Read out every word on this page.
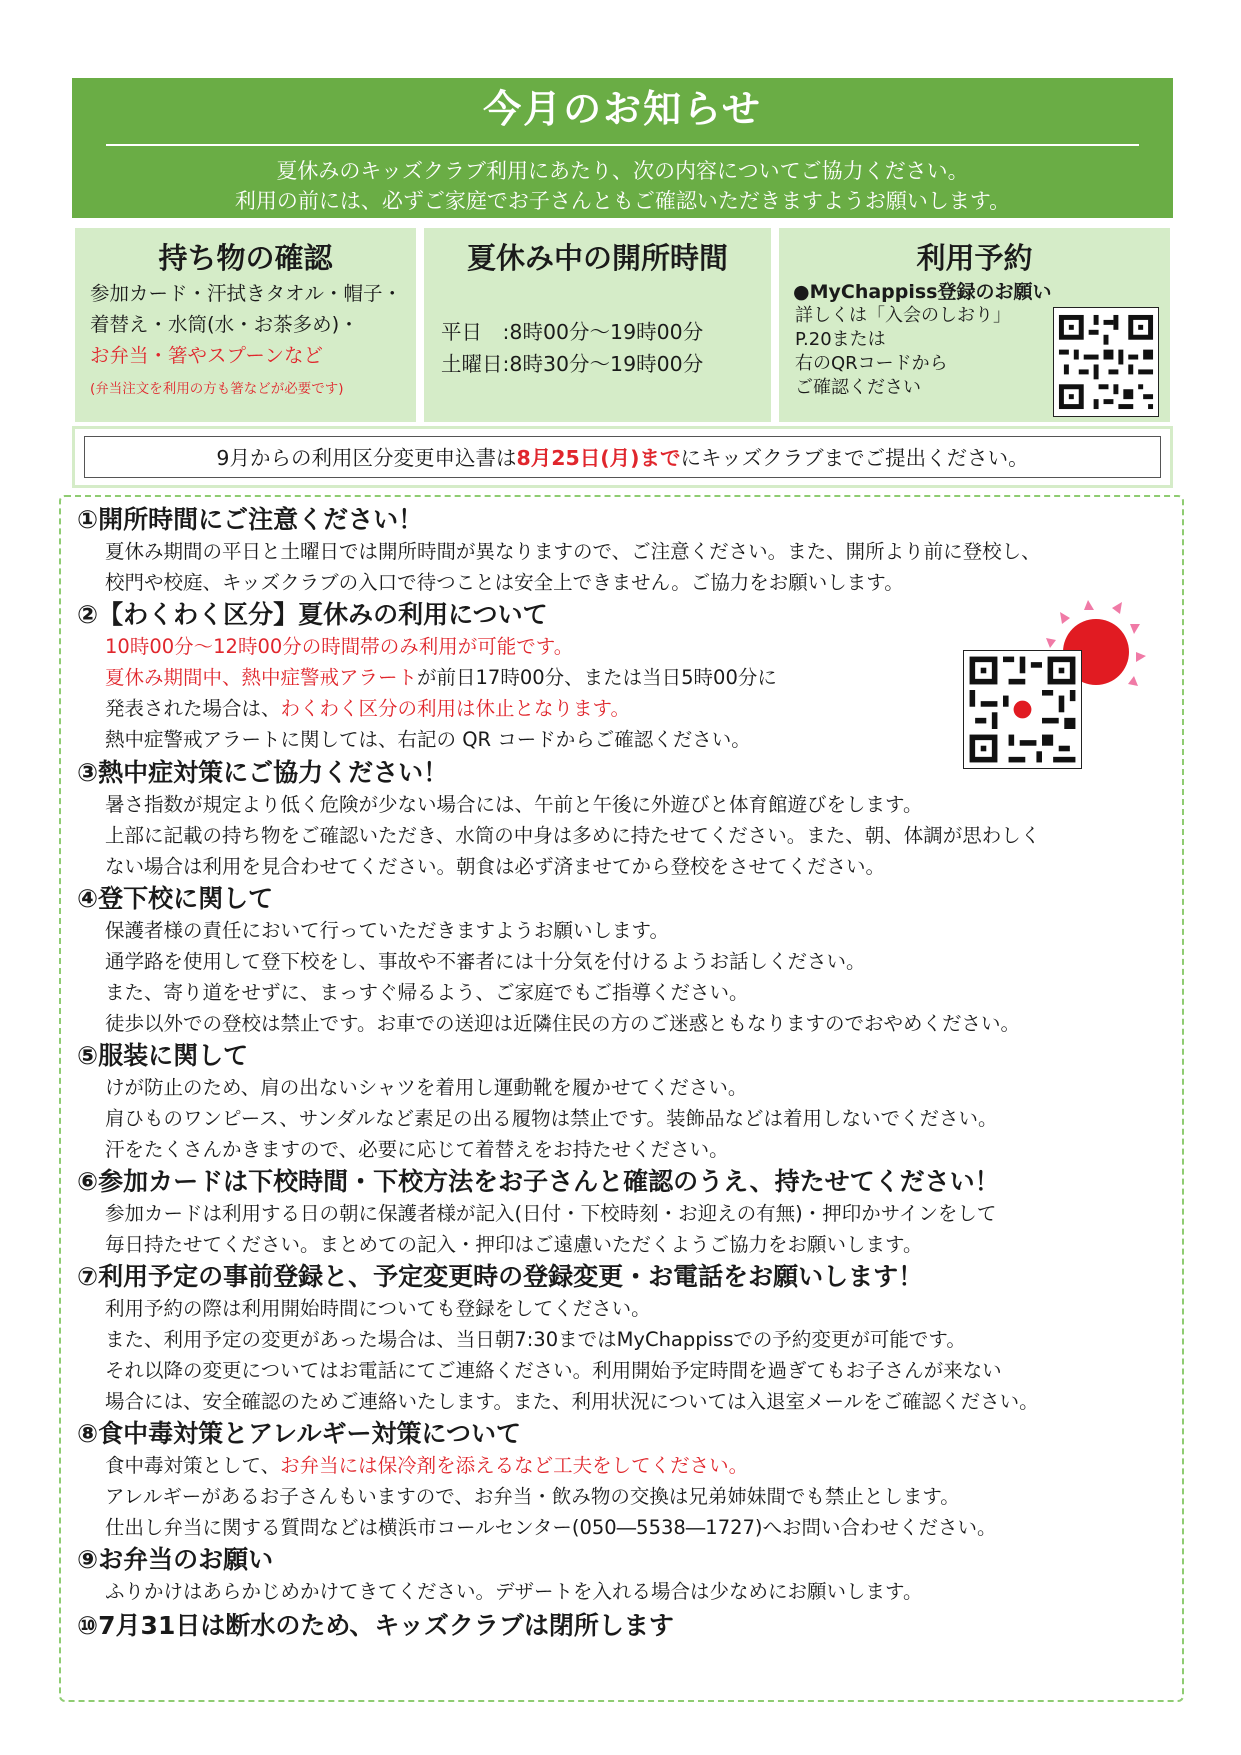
今月のお知らせ
夏休みのキッズクラブ利用にあたり、次の内容についてご協力ください。
利用の前には、必ずご家庭でお子さんともご確認いただきますようお願いします。
持ち物の確認
参加カード・汗拭きタオル・帽子・
着替え・水筒(水・お茶多め)・
お弁当・箸やスプーンなど
(弁当注文を利用の方も箸などが必要です)
夏休み中の開所時間
平日　:8時00分～19時00分
土曜日:8時30分～19時00分
利用予約
●MyChappiss登録のお願い
詳しくは「入会のしおり」
P.20または
右のQRコードから
ご確認ください
9月からの利用区分変更申込書は8月25日(月)までにキッズクラブまでご提出ください。
①開所時間にご注意ください！
夏休み期間の平日と土曜日では開所時間が異なりますので、ご注意ください。また、開所より前に登校し、
校門や校庭、キッズクラブの入口で待つことは安全上できません。ご協力をお願いします。
②【わくわく区分】夏休みの利用について
10時00分～12時00分の時間帯のみ利用が可能です。
夏休み期間中、熱中症警戒アラートが前日17時00分、または当日5時00分に
発表された場合は、わくわく区分の利用は休止となります。
熱中症警戒アラートに関しては、右記の QR コードからご確認ください。
③熱中症対策にご協力ください！
暑さ指数が規定より低く危険が少ない場合には、午前と午後に外遊びと体育館遊びをします。
上部に記載の持ち物をご確認いただき、水筒の中身は多めに持たせてください。また、朝、体調が思わしく
ない場合は利用を見合わせてください。朝食は必ず済ませてから登校をさせてください。
④登下校に関して
保護者様の責任において行っていただきますようお願いします。
通学路を使用して登下校をし、事故や不審者には十分気を付けるようお話しください。
また、寄り道をせずに、まっすぐ帰るよう、ご家庭でもご指導ください。
徒歩以外での登校は禁止です。お車での送迎は近隣住民の方のご迷惑ともなりますのでおやめください。
⑤服装に関して
けが防止のため、肩の出ないシャツを着用し運動靴を履かせてください。
肩ひものワンピース、サンダルなど素足の出る履物は禁止です。装飾品などは着用しないでください。
汗をたくさんかきますので、必要に応じて着替えをお持たせください。
⑥参加カードは下校時間・下校方法をお子さんと確認のうえ、持たせてください！
参加カードは利用する日の朝に保護者様が記入(日付・下校時刻・お迎えの有無)・押印かサインをして
毎日持たせてください。まとめての記入・押印はご遠慮いただくようご協力をお願いします。
⑦利用予定の事前登録と、予定変更時の登録変更・お電話をお願いします！
利用予約の際は利用開始時間についても登録をしてください。
また、利用予定の変更があった場合は、当日朝7:30まではMyChappissでの予約変更が可能です。
それ以降の変更についてはお電話にてご連絡ください。利用開始予定時間を過ぎてもお子さんが来ない
場合には、安全確認のためご連絡いたします。また、利用状況については入退室メールをご確認ください。
⑧食中毒対策とアレルギー対策について
食中毒対策として、お弁当には保冷剤を添えるなど工夫をしてください。
アレルギーがあるお子さんもいますので、お弁当・飲み物の交換は兄弟姉妹間でも禁止とします。
仕出し弁当に関する質問などは横浜市コールセンター(050―5538―1727)へお問い合わせください。
⑨お弁当のお願い
ふりかけはあらかじめかけてきてください。デザートを入れる場合は少なめにお願いします。
⑩7月31日は断水のため、キッズクラブは閉所します
